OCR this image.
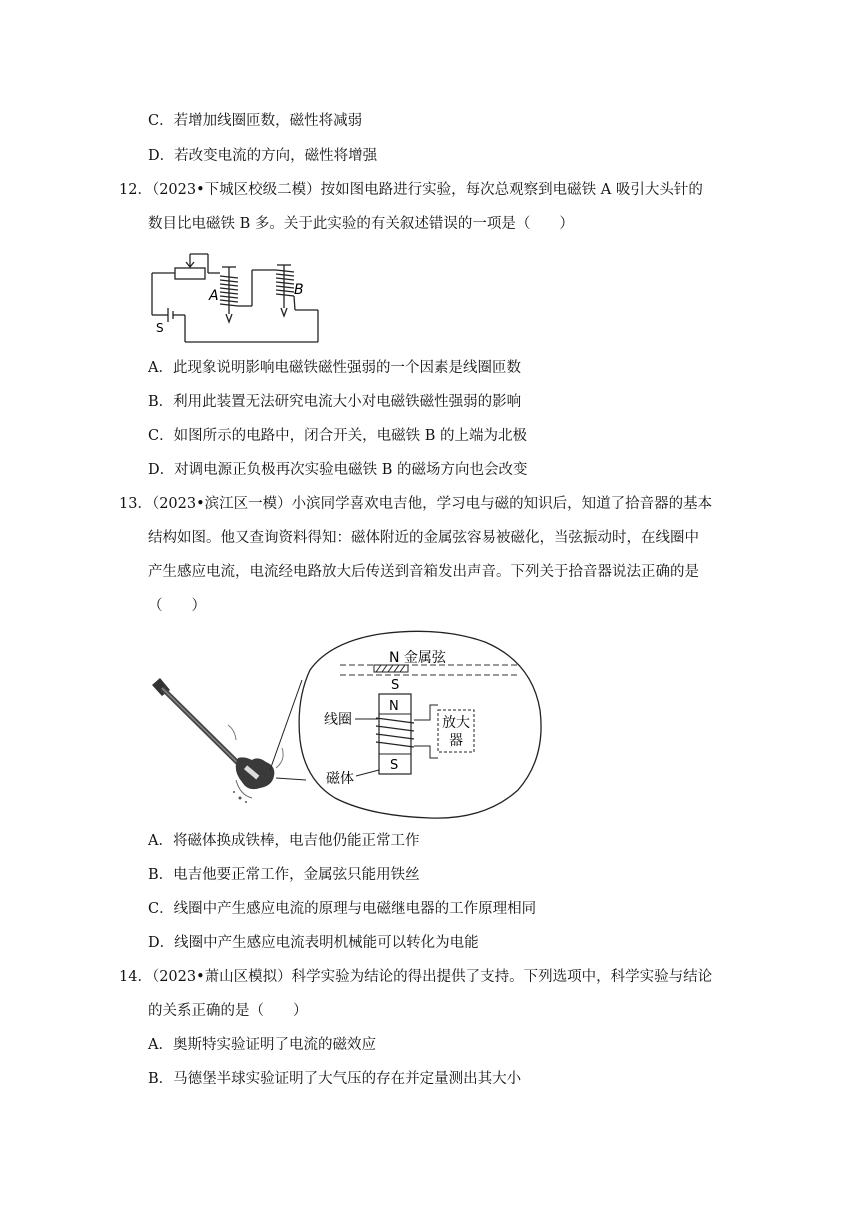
C．若增加线圈匝数，磁性将减弱
D．若改变电流的方向，磁性将增强
12．（2023•下城区校级二模）按如图电路进行实验，每次总观察到电磁铁 A 吸引大头针的
数目比电磁铁 B 多。关于此实验的有关叙述错误的一项是（　　）
A	B
S
A．此现象说明影响电磁铁磁性强弱的一个因素是线圈匝数
B．利用此装置无法研究电流大小对电磁铁磁性强弱的影响
C．如图所示的电路中，闭合开关，电磁铁 B 的上端为北极
D．对调电源正负极再次实验电磁铁 B 的磁场方向也会改变
13．（2023•滨江区一模）小滨同学喜欢电吉他，学习电与磁的知识后，知道了拾音器的基本
结构如图。他又查询资料得知：磁体附近的金属弦容易被磁化，当弦振动时，在线圈中
产生感应电流，电流经电路放大后传送到音箱发出声音。下列关于拾音器说法正确的是
（　　）
N 金属弦
S
N
S
放大
器
线圈
磁体
A．将磁体换成铁棒，电吉他仍能正常工作
B．电吉他要正常工作，金属弦只能用铁丝
C．线圈中产生感应电流的原理与电磁继电器的工作原理相同
D．线圈中产生感应电流表明机械能可以转化为电能
14．（2023•萧山区模拟）科学实验为结论的得出提供了支持。下列选项中，科学实验与结论
的关系正确的是（　　）
A．奥斯特实验证明了电流的磁效应
B．马德堡半球实验证明了大气压的存在并定量测出其大小
